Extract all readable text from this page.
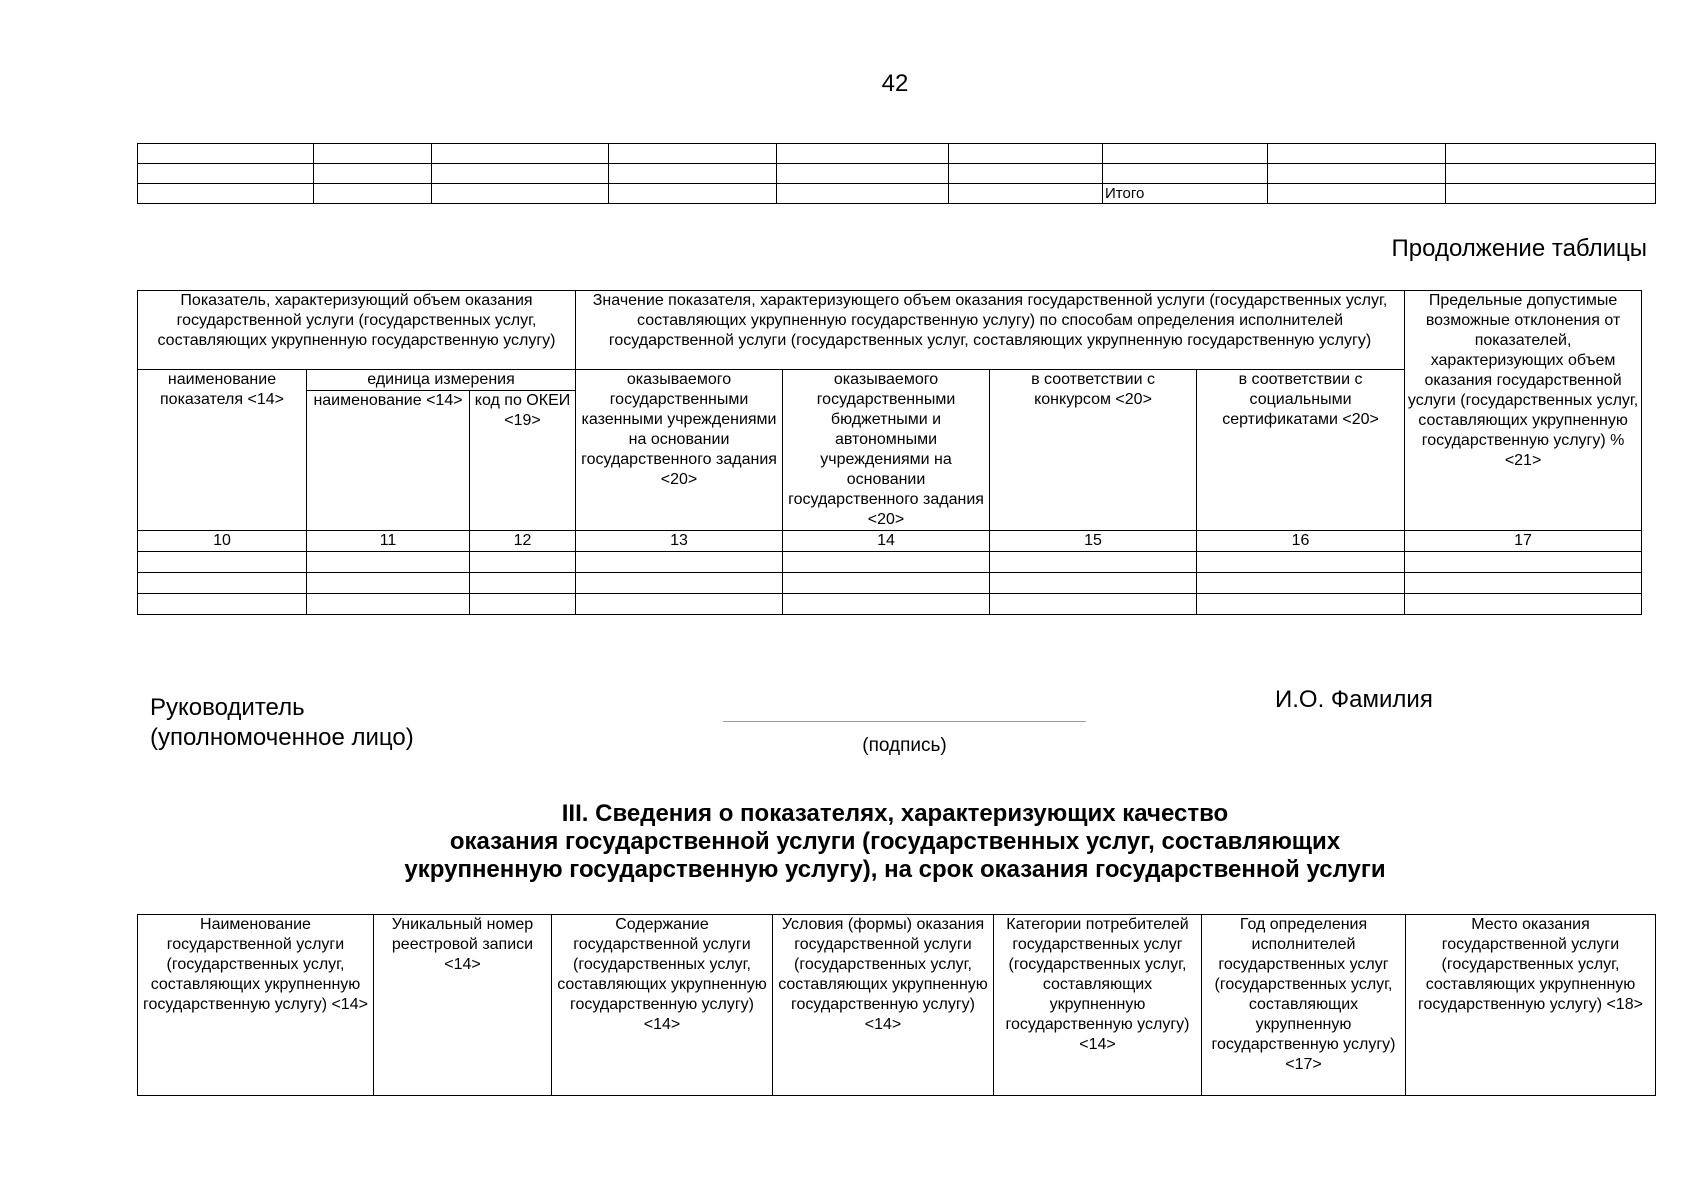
42

						Итого		
Продолжение таблицы
Показатель, характеризующий объем оказания государственной услуги (государственных услуг, составляющих укрупненную государственную услугу)			Значение показателя, характеризующего объем оказания государственной услуги (государственных услуг, составляющих укрупненную государственную услугу) по способам определения исполнителей государственной услуги (государственных услуг, составляющих укрупненную государственную услугу)				Предельные допустимые возможные отклонения от показателей, характеризующих объем оказания государственной услуги (государственных услуг, составляющих укрупненную государственную услугу) % <21>
наименование показателя <14>	единица измерения		оказываемого государственными казенными учреждениями на основании государственного задания <20>	оказываемого государственными бюджетными и автономными учреждениями на основании государственного задания <20>	в соответствии с конкурсом <20>	в соответствии с социальными сертификатами <20>	
	наименование <14>	код по ОКЕИ <19>					
10	11	12	13	14	15	16	17

Руководитель
(уполномоченное лицо)	(подпись)
И.О. Фамилия
III. Сведения о показателях, характеризующих качество
оказания государственной услуги (государственных услуг, составляющих
укрупненную государственную услугу), на срок оказания государственной услуги
Наименование государственной услуги (государственных услуг, составляющих укрупненную государственную услугу) <14>	Уникальный номер реестровой записи <14>	Содержание государственной услуги (государственных услуг, составляющих укрупненную государственную услугу) <14>	Условия (формы) оказания государственной услуги (государственных услуг, составляющих укрупненную государственную услугу) <14>	Категории потребителей государственных услуг (государственных услуг, составляющих укрупненную государственную услугу) <14>	Год определения исполнителей государственных услуг (государственных услуг, составляющих укрупненную государственную услугу) <17>	Место оказания государственной услуги (государственных услуг, составляющих укрупненную государственную услугу) <18>
